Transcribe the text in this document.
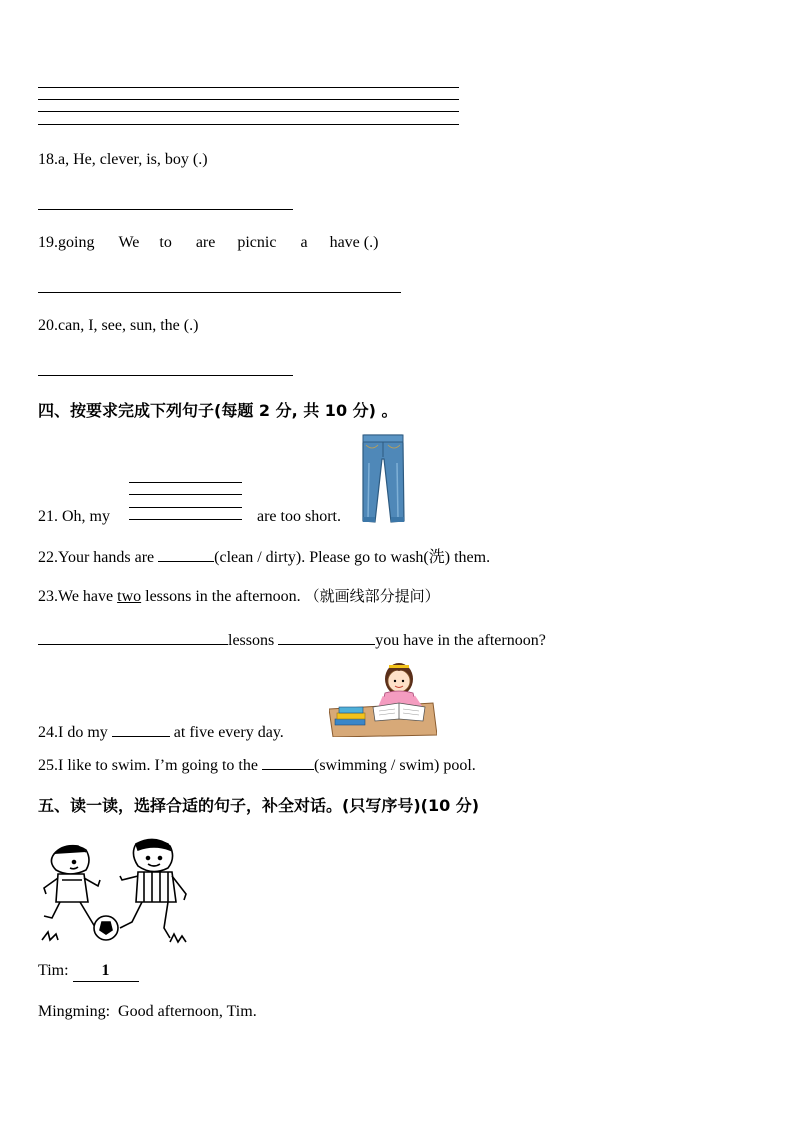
18.a, He, clever, is, boy (.)
19.going We to are picnic a have (.)
20.can, I, see, sun, the (.)
四、按要求完成下列句子(每题 2 分, 共 10 分) 。
21. Oh, my	are too short.
22.Your hands are	(clean / dirty). Please go to wash(洗) them.
23.We have two lessons in the afternoon. （就画线部分提问）
lessons	you have in the afternoon?
24.I do my	at five every day.
25.I like to swim. I’m going to the	(swimming / swim) pool.
五、读一读，选择合适的句子，补全对话。(只写序号)(10 分)
Tim: 1
Mingming: Good afternoon, Tim.
